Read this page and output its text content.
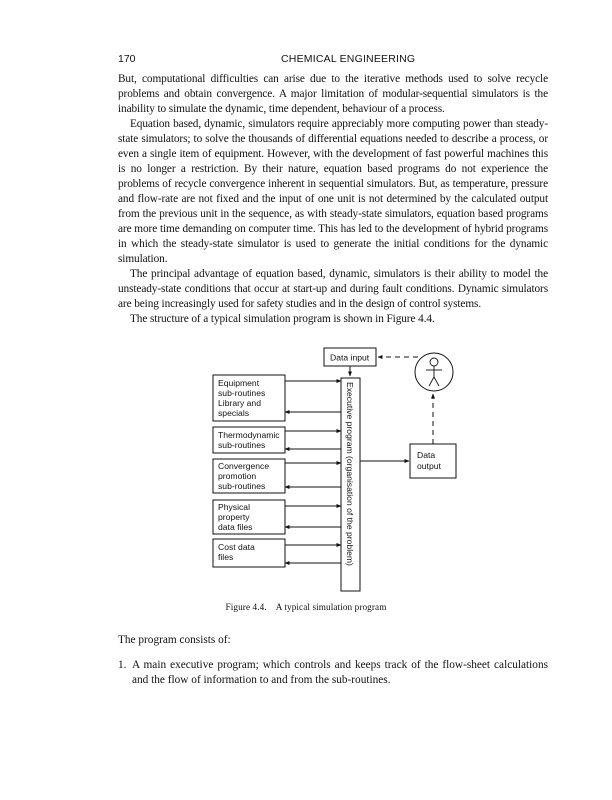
170	CHEMICAL ENGINEERING

But, computational difficulties can arise due to the iterative methods used to solve recycle problems and obtain convergence. A major limitation of modular-sequential simulators is the inability to simulate the dynamic, time dependent, behaviour of a process.

Equation based, dynamic, simulators require appreciably more computing power than steady-state simulators; to solve the thousands of differential equations needed to describe a process, or even a single item of equipment. However, with the development of fast powerful machines this is no longer a restriction. By their nature, equation based programs do not experience the problems of recycle convergence inherent in sequential simulators. But, as temperature, pressure and flow-rate are not fixed and the input of one unit is not determined by the calculated output from the previous unit in the sequence, as with steady-state simulators, equation based programs are more time demanding on computer time. This has led to the development of hybrid programs in which the steady-state simulator is used to generate the initial conditions for the dynamic simulation.

The principal advantage of equation based, dynamic, simulators is their ability to model the unsteady-state conditions that occur at start-up and during fault conditions. Dynamic simulators are being increasingly used for safety studies and in the design of control systems.

The structure of a typical simulation program is shown in Figure 4.4.

Data input
Executive program (organisation of the problem)	Data
output
Equipment
sub-routines
Library and
specials
Thermodynamic
sub-routines
Convergence
promotion
sub-routines
Physical
property
data files
Cost data
files
Figure 4.4. A typical simulation program

The program consists of:

1. A main executive program; which controls and keeps track of the flow-sheet calculations and the flow of information to and from the sub-routines.
